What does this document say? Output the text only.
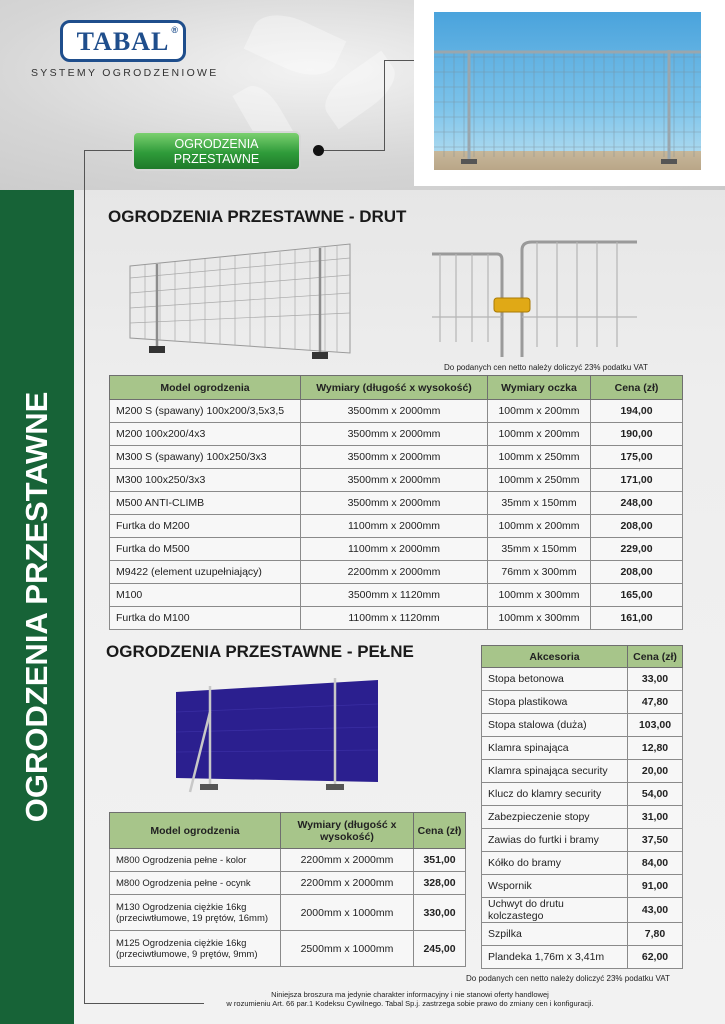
TABAL ®
SYSTEMY OGRODZENIOWE
OGRODZENIA
PRZESTAWNE
OGRODZENIA PRZESTAWNE
OGRODZENIA PRZESTAWNE - DRUT
Do podanych cen netto należy doliczyć 23% podatku VAT
Model ogrodzenia	Wymiary (długość x wysokość)	Wymiary oczka	Cena (zł)
M200 S (spawany) 100x200/3,5x3,5	3500mm x 2000mm	100mm x 200mm	194,00
M200 100x200/4x3	3500mm x 2000mm	100mm x 200mm	190,00
M300 S (spawany) 100x250/3x3	3500mm x 2000mm	100mm x 250mm	175,00
M300 100x250/3x3	3500mm x 2000mm	100mm x 250mm	171,00
M500 ANTI-CLIMB	3500mm x 2000mm	35mm x 150mm	248,00
Furtka do M200	1100mm x 2000mm	100mm x 200mm	208,00
Furtka do M500	1100mm x 2000mm	35mm x 150mm	229,00
M9422 (element uzupełniający)	2200mm x 2000mm	76mm x 300mm	208,00
M100	3500mm x 1120mm	100mm x 300mm	165,00
Furtka do M100	1100mm x 1120mm	100mm x 300mm	161,00
OGRODZENIA PRZESTAWNE - PEŁNE
Model ogrodzenia	Wymiary (długość x wysokość)	Cena (zł)
M800 Ogrodzenia pełne - kolor	2200mm x 2000mm	351,00
M800 Ogrodzenia pełne - ocynk	2200mm x 2000mm	328,00
M130 Ogrodzenia ciężkie 16kg (przeciwtłumowe, 19 prętów, 16mm)	2000mm x 1000mm	330,00
M125 Ogrodzenia ciężkie 16kg (przeciwtłumowe, 9 prętów, 9mm)	2500mm x 1000mm	245,00
Akcesoria	Cena (zł)
Stopa betonowa	33,00
Stopa plastikowa	47,80
Stopa stalowa (duża)	103,00
Klamra spinająca	12,80
Klamra spinająca security	20,00
Klucz do klamry security	54,00
Zabezpieczenie stopy	31,00
Zawias do furtki i bramy	37,50
Kółko do bramy	84,00
Wspornik	91,00
Uchwyt do drutu kolczastego	43,00
Szpilka	7,80
Plandeka 1,76m x 3,41m	62,00
Do podanych cen netto należy doliczyć 23% podatku VAT
Niniejsza broszura ma jedynie charakter informacyjny i nie stanowi oferty handlowej
w rozumieniu Art. 66 par.1 Kodeksu Cywilnego. Tabal Sp.j. zastrzega sobie prawo do zmiany cen i konfiguracji.
